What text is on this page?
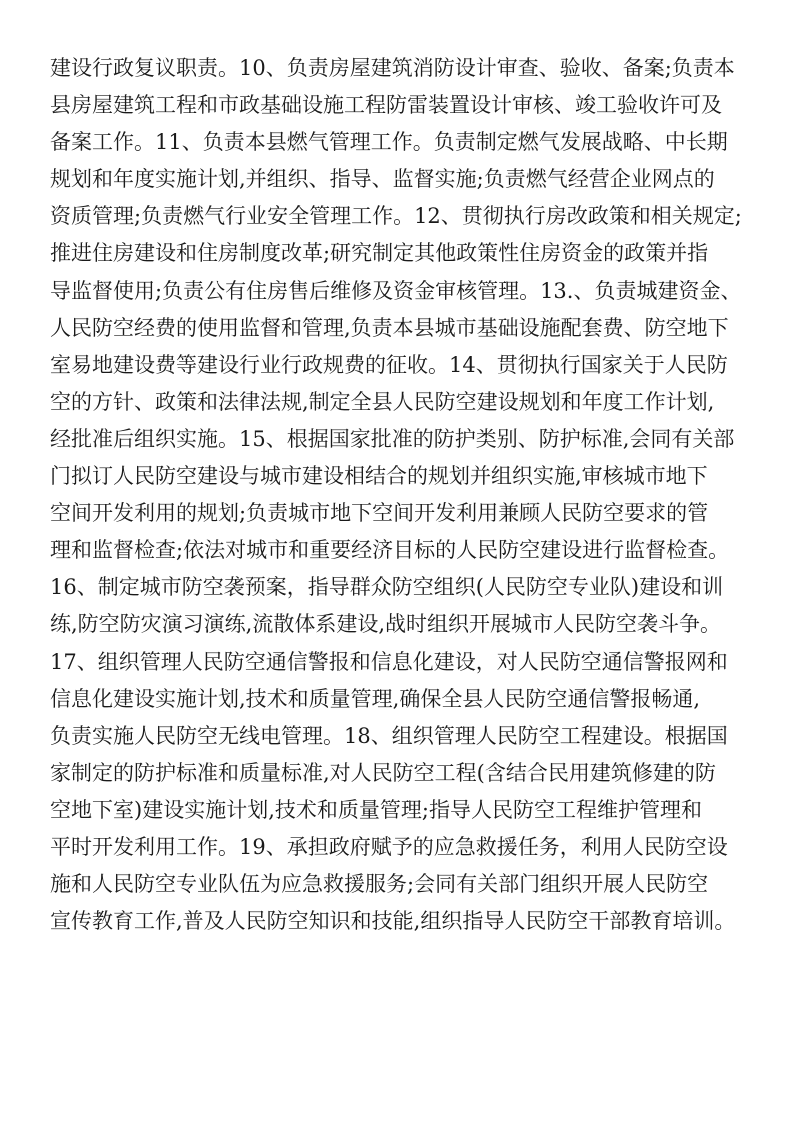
建设行政复议职责。10、负责房屋建筑消防设计审查、验收、备案;负责本
县房屋建筑工程和市政基础设施工程防雷装置设计审核、竣工验收许可及
备案工作。11、负责本县燃气管理工作。负责制定燃气发展战略、中长期
规划和年度实施计划,并组织、指导、监督实施;负责燃气经营企业网点的
资质管理;负责燃气行业安全管理工作。12、贯彻执行房改政策和相关规定;
推进住房建设和住房制度改革;研究制定其他政策性住房资金的政策并指
导监督使用;负责公有住房售后维修及资金审核管理。13.、负责城建资金、
人民防空经费的使用监督和管理,负责本县城市基础设施配套费、防空地下
室易地建设费等建设行业行政规费的征收。14、贯彻执行国家关于人民防
空的方针、政策和法律法规,制定全县人民防空建设规划和年度工作计划,
经批准后组织实施。15、根据国家批准的防护类别、防护标准,会同有关部
门拟订人民防空建设与城市建设相结合的规划并组织实施,审核城市地下
空间开发利用的规划;负责城市地下空间开发利用兼顾人民防空要求的管
理和监督检查;依法对城市和重要经济目标的人民防空建设进行监督检查。
16、制定城市防空袭预案，指导群众防空组织(人民防空专业队)建设和训
练,防空防灾演习演练,流散体系建设,战时组织开展城市人民防空袭斗争。
17、组织管理人民防空通信警报和信息化建设，对人民防空通信警报网和
信息化建设实施计划,技术和质量管理,确保全县人民防空通信警报畅通,
负责实施人民防空无线电管理。18、组织管理人民防空工程建设。根据国
家制定的防护标准和质量标准,对人民防空工程(含结合民用建筑修建的防
空地下室)建设实施计划,技术和质量管理;指导人民防空工程维护管理和
平时开发利用工作。19、承担政府赋予的应急救援任务，利用人民防空设
施和人民防空专业队伍为应急救援服务;会同有关部门组织开展人民防空
宣传教育工作,普及人民防空知识和技能,组织指导人民防空干部教育培训。
